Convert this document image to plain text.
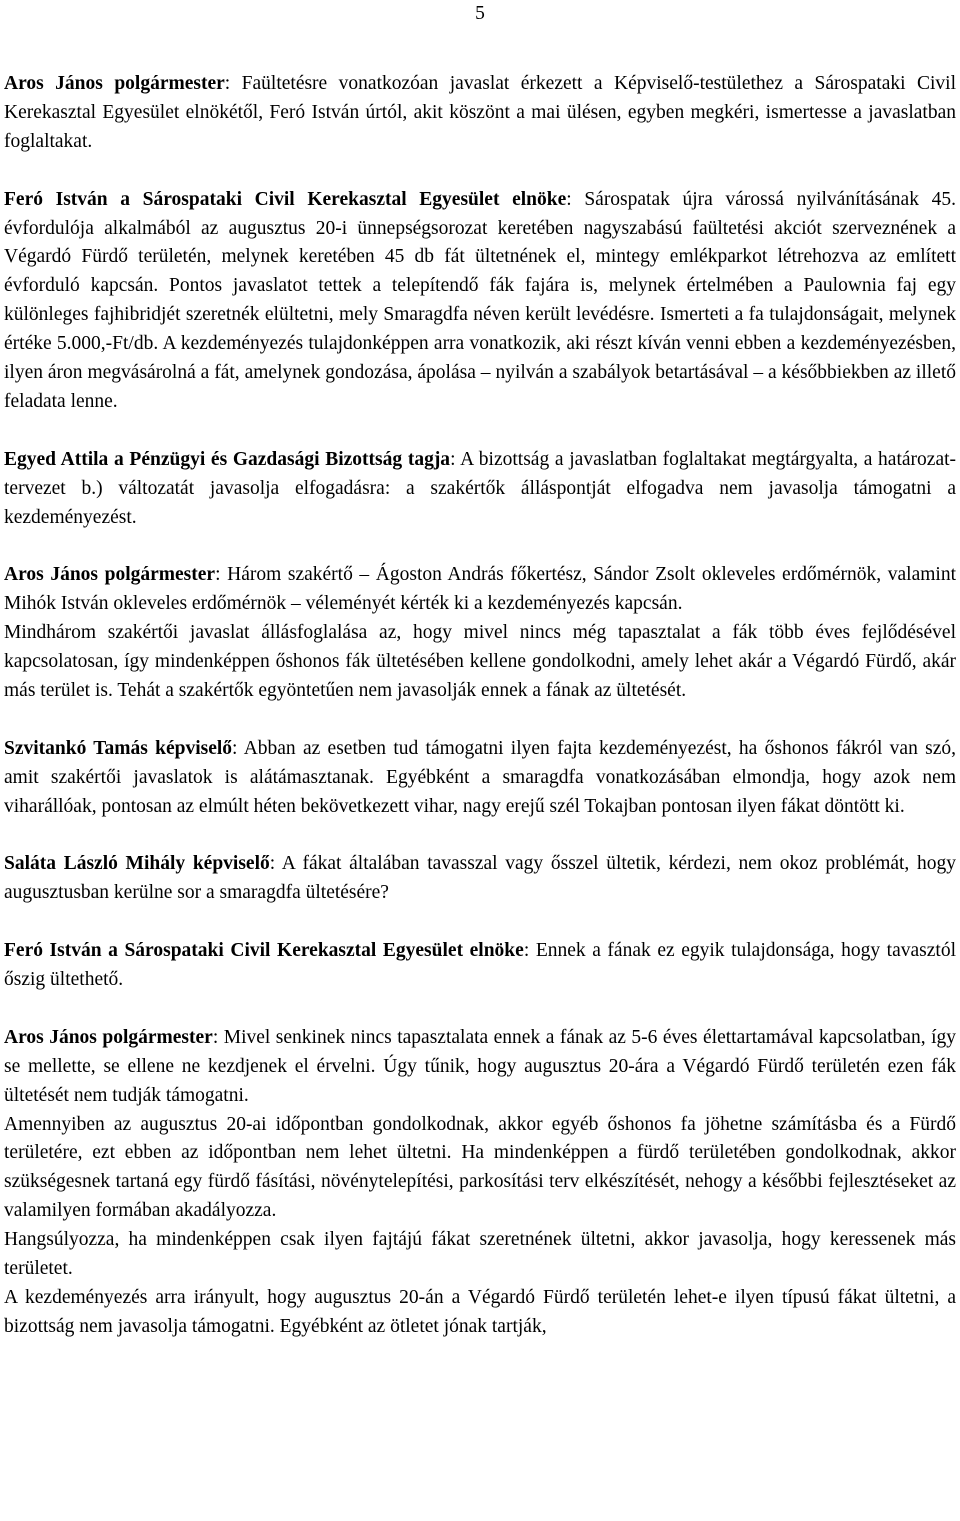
5

Aros János polgármester: Faültetésre vonatkozóan javaslat érkezett a Képviselő-testülethez a Sárospataki Civil Kerekasztal Egyesület elnökétől, Feró István úrtól, akit köszönt a mai ülésen, egyben megkéri, ismertesse a javaslatban foglaltakat.

Feró István a Sárospataki Civil Kerekasztal Egyesület elnöke: Sárospatak újra várossá nyilvánításának 45. évfordulója alkalmából az augusztus 20-i ünnepségsorozat keretében nagyszabású faültetési akciót szerveznének a Végardó Fürdő területén, melynek keretében 45 db fát ültetnének el, mintegy emlékparkot létrehozva az említett évforduló kapcsán. Pontos javaslatot tettek a telepítendő fák fajára is, melynek értelmében a Paulownia faj egy különleges fajhibridjét szeretnék elültetni, mely Smaragdfa néven került levédésre. Ismerteti a fa tulajdonságait, melynek értéke 5.000,-Ft/db. A kezdeményezés tulajdonképpen arra vonatkozik, aki részt kíván venni ebben a kezdeményezésben, ilyen áron megvásárolná a fát, amelynek gondozása, ápolása – nyilván a szabályok betartásával – a későbbiekben az illető feladata lenne.

Egyed Attila a Pénzügyi és Gazdasági Bizottság tagja: A bizottság a javaslatban foglaltakat megtárgyalta, a határozat-tervezet b.) változatát javasolja elfogadásra: a szakértők álláspontját elfogadva nem javasolja támogatni a kezdeményezést.

Aros János polgármester: Három szakértő – Ágoston András főkertész, Sándor Zsolt okleveles erdőmérnök, valamint Mihók István okleveles erdőmérnök – véleményét kérték ki a kezdeményezés kapcsán.

Mindhárom szakértői javaslat állásfoglalása az, hogy mivel nincs még tapasztalat a fák több éves fejlődésével kapcsolatosan, így mindenképpen őshonos fák ültetésében kellene gondolkodni, amely lehet akár a Végardó Fürdő, akár más terület is. Tehát a szakértők egyöntetűen nem javasolják ennek a fának az ültetését.

Szvitankó Tamás képviselő: Abban az esetben tud támogatni ilyen fajta kezdeményezést, ha őshonos fákról van szó, amit szakértői javaslatok is alátámasztanak. Egyébként a smaragdfa vonatkozásában elmondja, hogy azok nem viharállóak, pontosan az elmúlt héten bekövetkezett vihar, nagy erejű szél Tokajban pontosan ilyen fákat döntött ki.

Saláta László Mihály képviselő: A fákat általában tavasszal vagy ősszel ültetik, kérdezi, nem okoz problémát, hogy augusztusban kerülne sor a smaragdfa ültetésére?

Feró István a Sárospataki Civil Kerekasztal Egyesület elnöke: Ennek a fának ez egyik tulajdonsága, hogy tavasztól őszig ültethető.

Aros János polgármester: Mivel senkinek nincs tapasztalata ennek a fának az 5-6 éves élettartamával kapcsolatban, így se mellette, se ellene ne kezdjenek el érvelni. Úgy tűnik, hogy augusztus 20-ára a Végardó Fürdő területén ezen fák ültetését nem tudják támogatni.

Amennyiben az augusztus 20-ai időpontban gondolkodnak, akkor egyéb őshonos fa jöhetne számításba és a Fürdő területére, ezt ebben az időpontban nem lehet ültetni. Ha mindenképpen a fürdő területében gondolkodnak, akkor szükségesnek tartaná egy fürdő fásítási, növénytelepítési, parkosítási terv elkészítését, nehogy a későbbi fejlesztéseket az valamilyen formában akadályozza.

Hangsúlyozza, ha mindenképpen csak ilyen fajtájú fákat szeretnének ültetni, akkor javasolja, hogy keressenek más területet.

A kezdeményezés arra irányult, hogy augusztus 20-án a Végardó Fürdő területén lehet-e ilyen típusú fákat ültetni, a bizottság nem javasolja támogatni. Egyébként az ötletet jónak tartják,
